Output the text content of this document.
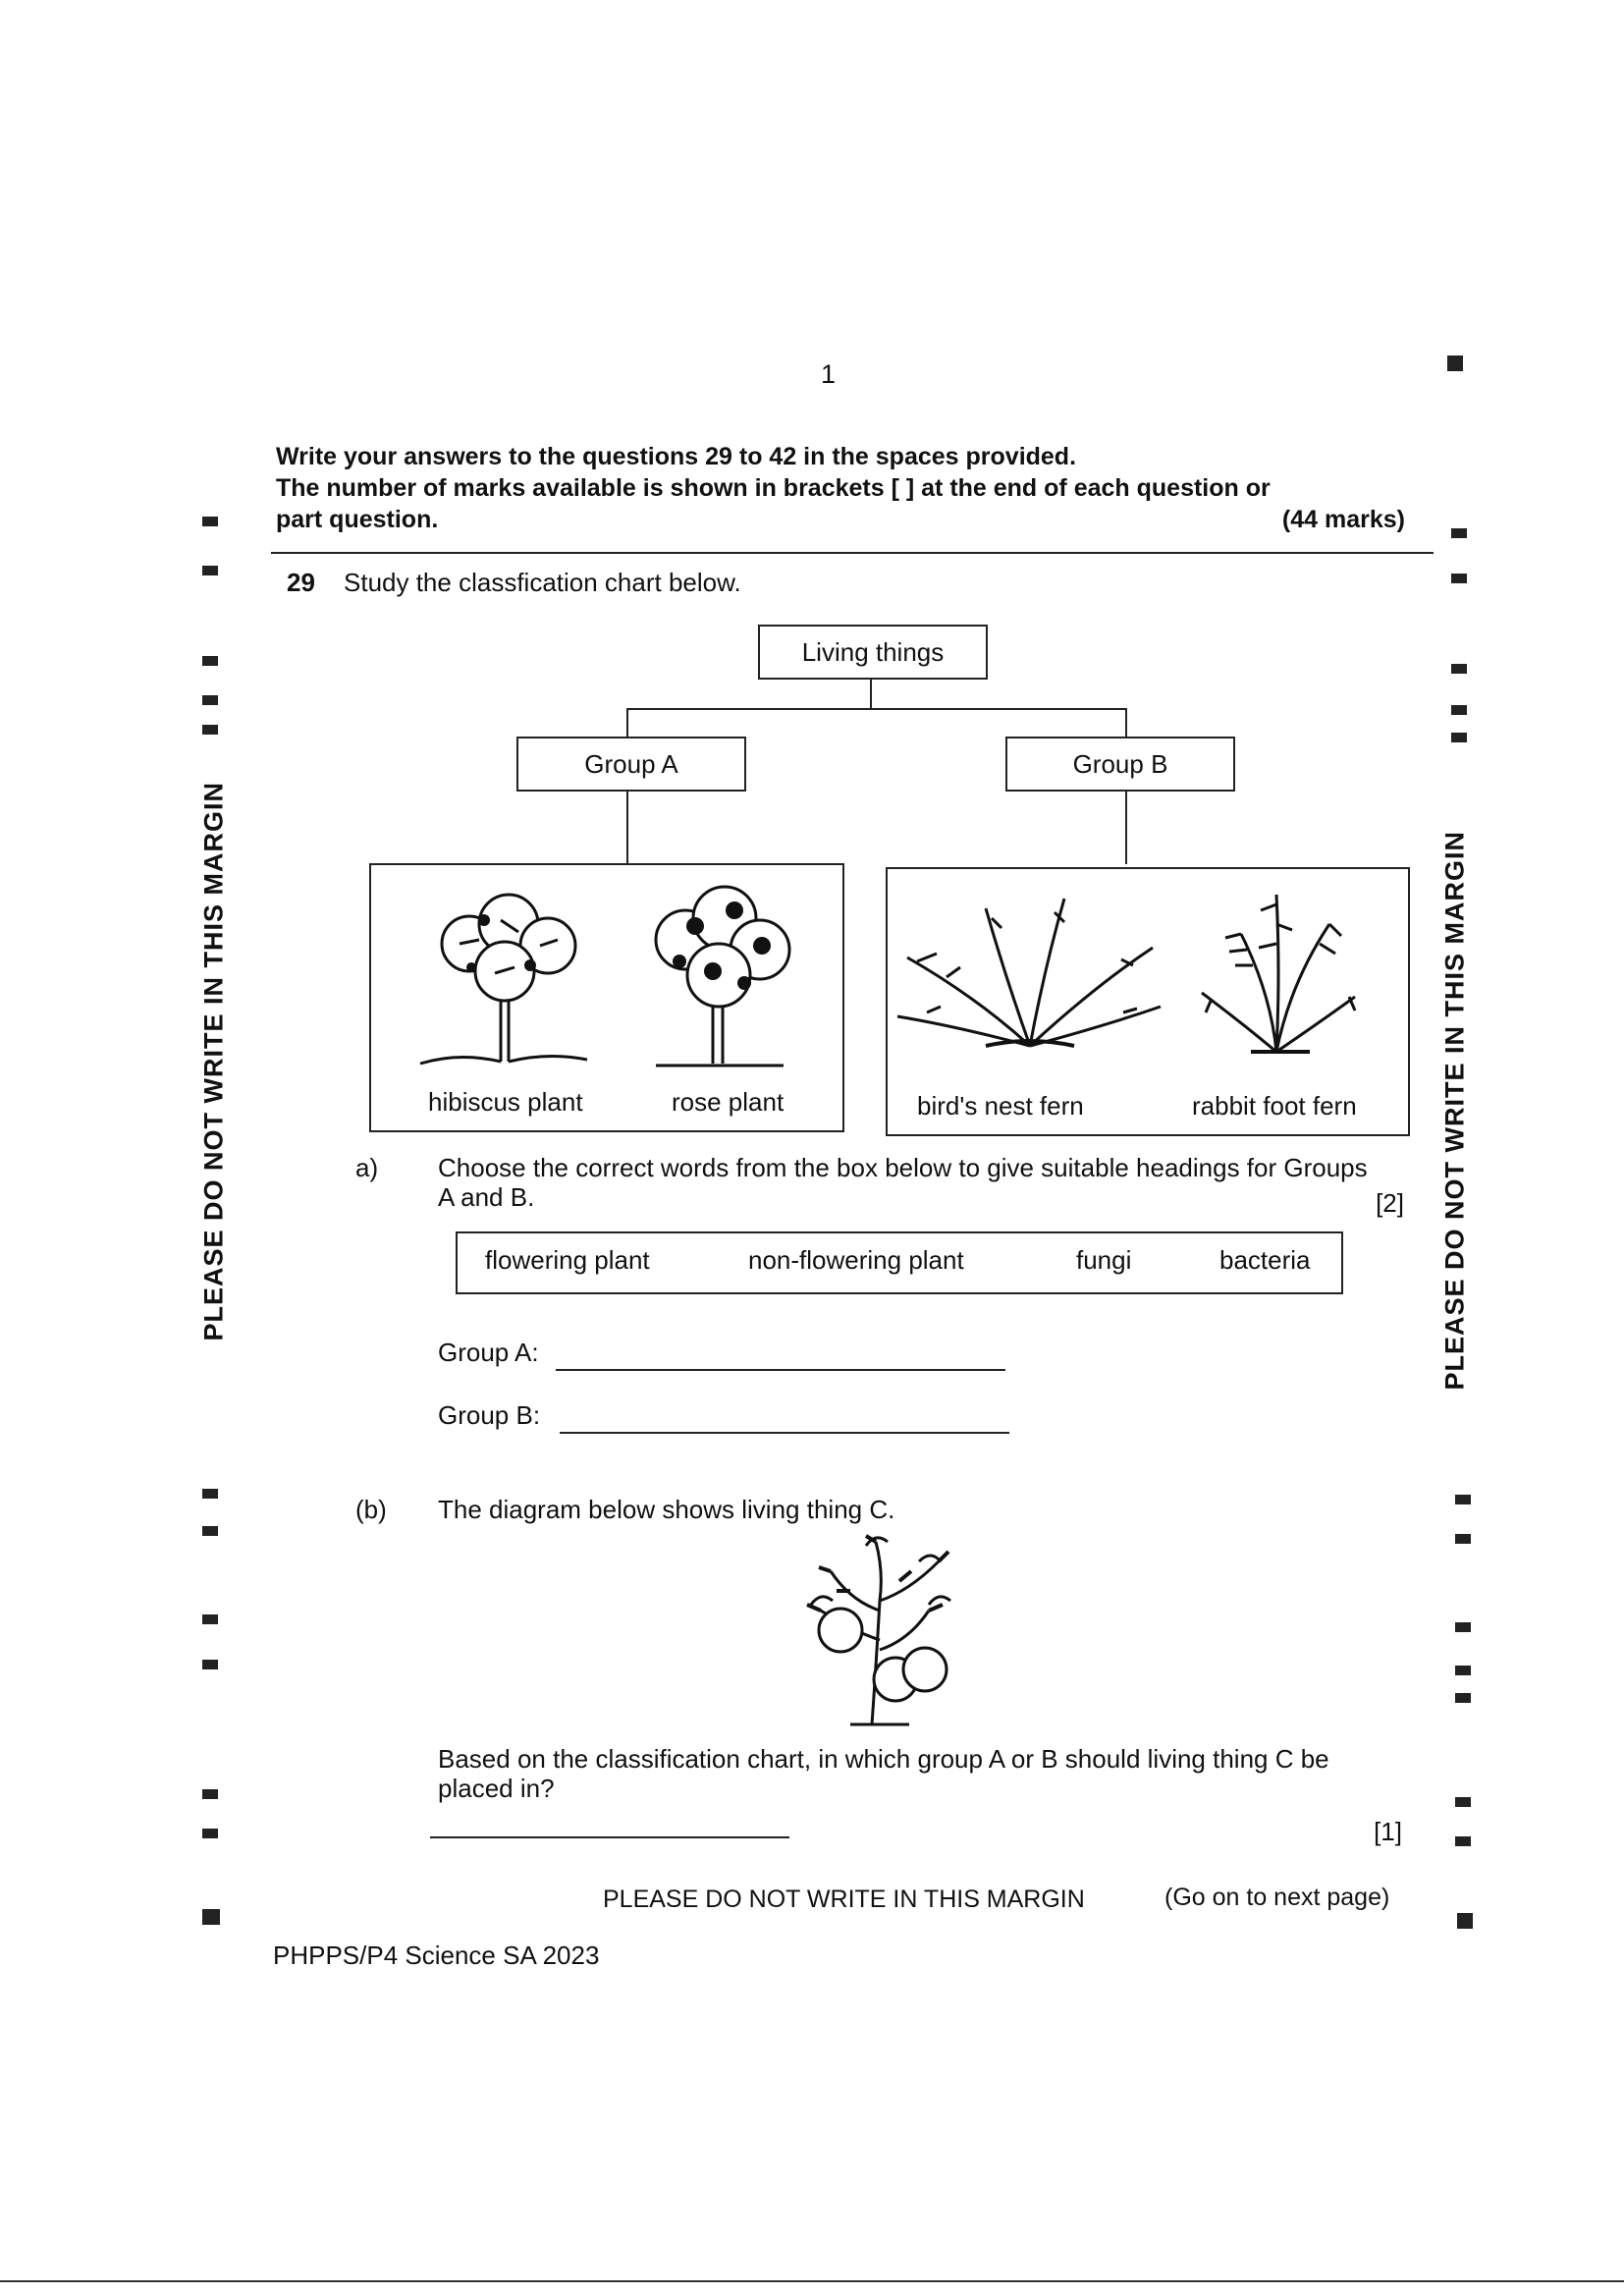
1
Write your answers to the questions 29 to 42 in the spaces provided.
The number of marks available is shown in brackets [ ] at the end of each question or
part question.	(44 marks)
29 Study the classfication chart below.
Living things
Group A	Group B
hibiscus plant	rose plant	bird's nest fern	rabbit foot fern
a) Choose the correct words from the box below to give suitable headings for Groups
A and B.	[2]
flowering plant	non-flowering plant	fungi	bacteria
Group A:
Group B:
(b) The diagram below shows living thing C.
Based on the classification chart, in which group A or B should living thing C be
placed in?
[1]
PLEASE DO NOT WRITE IN THIS MARGIN	PLEASE DO NOT WRITE IN THIS MARGIN
PLEASE DO NOT WRITE IN THIS MARGIN	(Go on to next page)
PHPPS/P4 Science SA 2023
